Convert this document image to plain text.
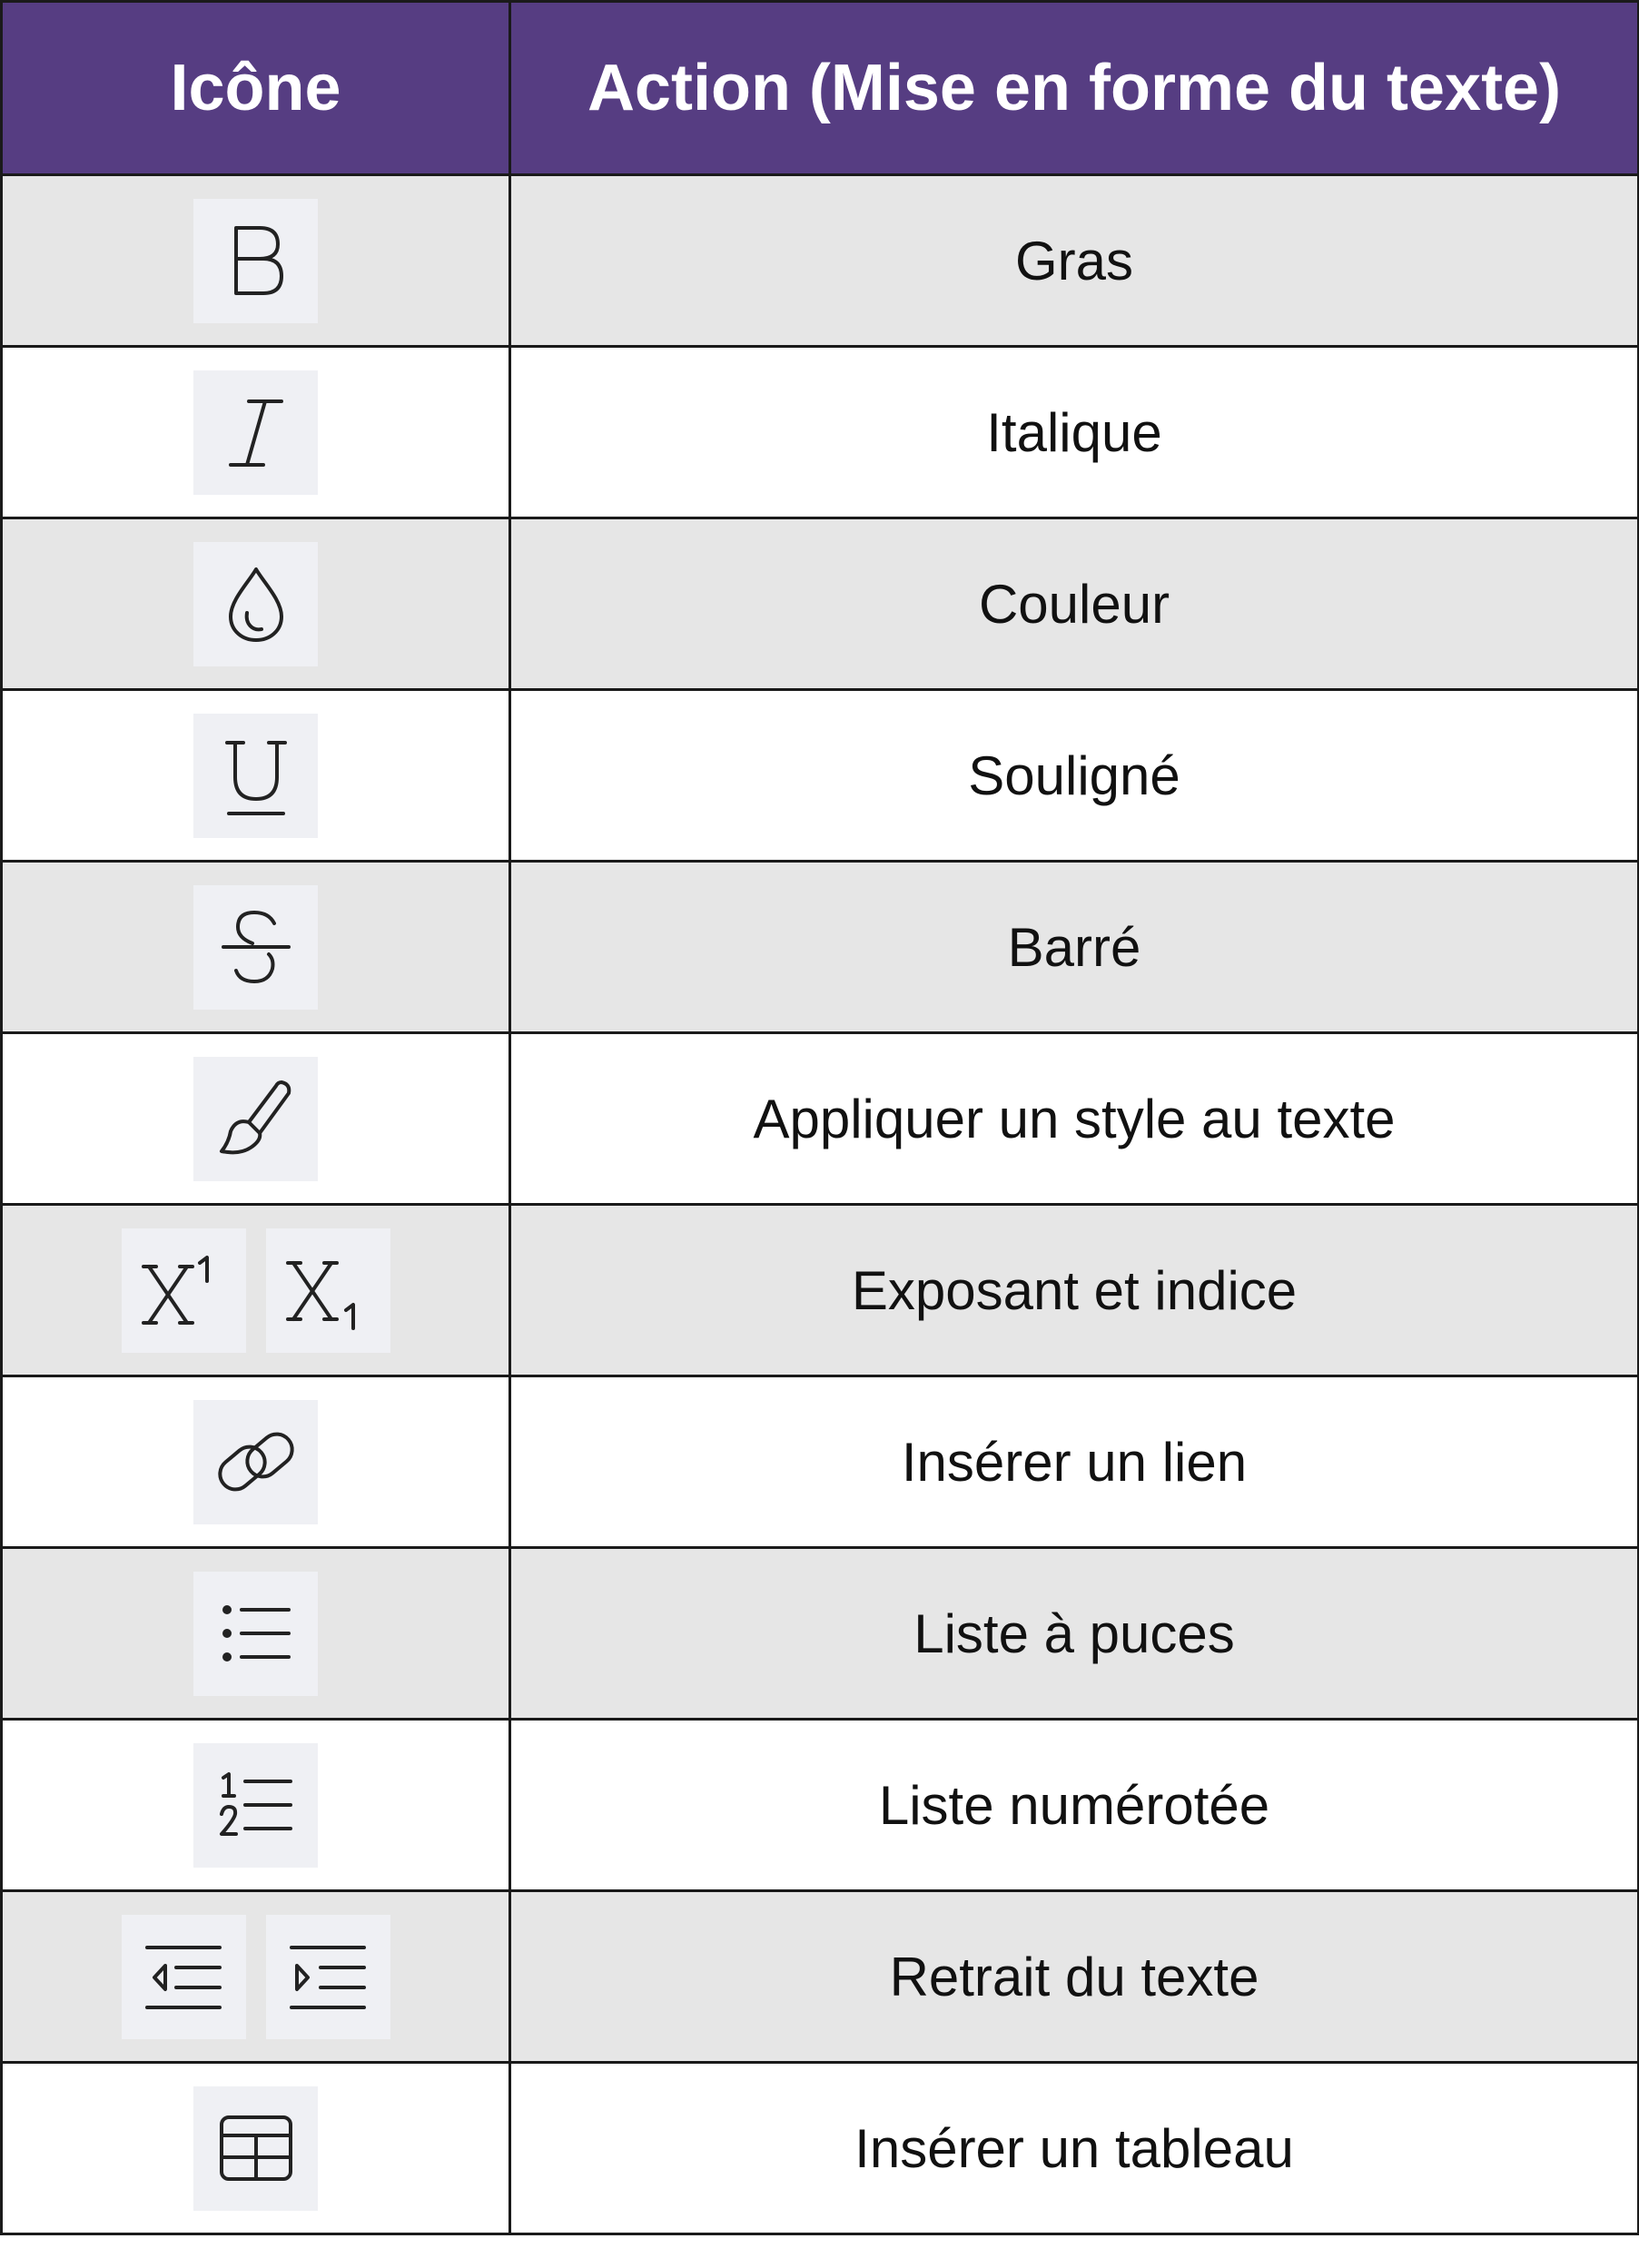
Icône	Action (Mise en forme du texte)

	Gras

	Italique

	Couleur

	Souligné

	Barré

	Appliquer un style au texte

	Exposant et indice

	Insérer un lien

	Liste à puces

	Liste numérotée

	Retrait du texte

	Insérer un tableau
